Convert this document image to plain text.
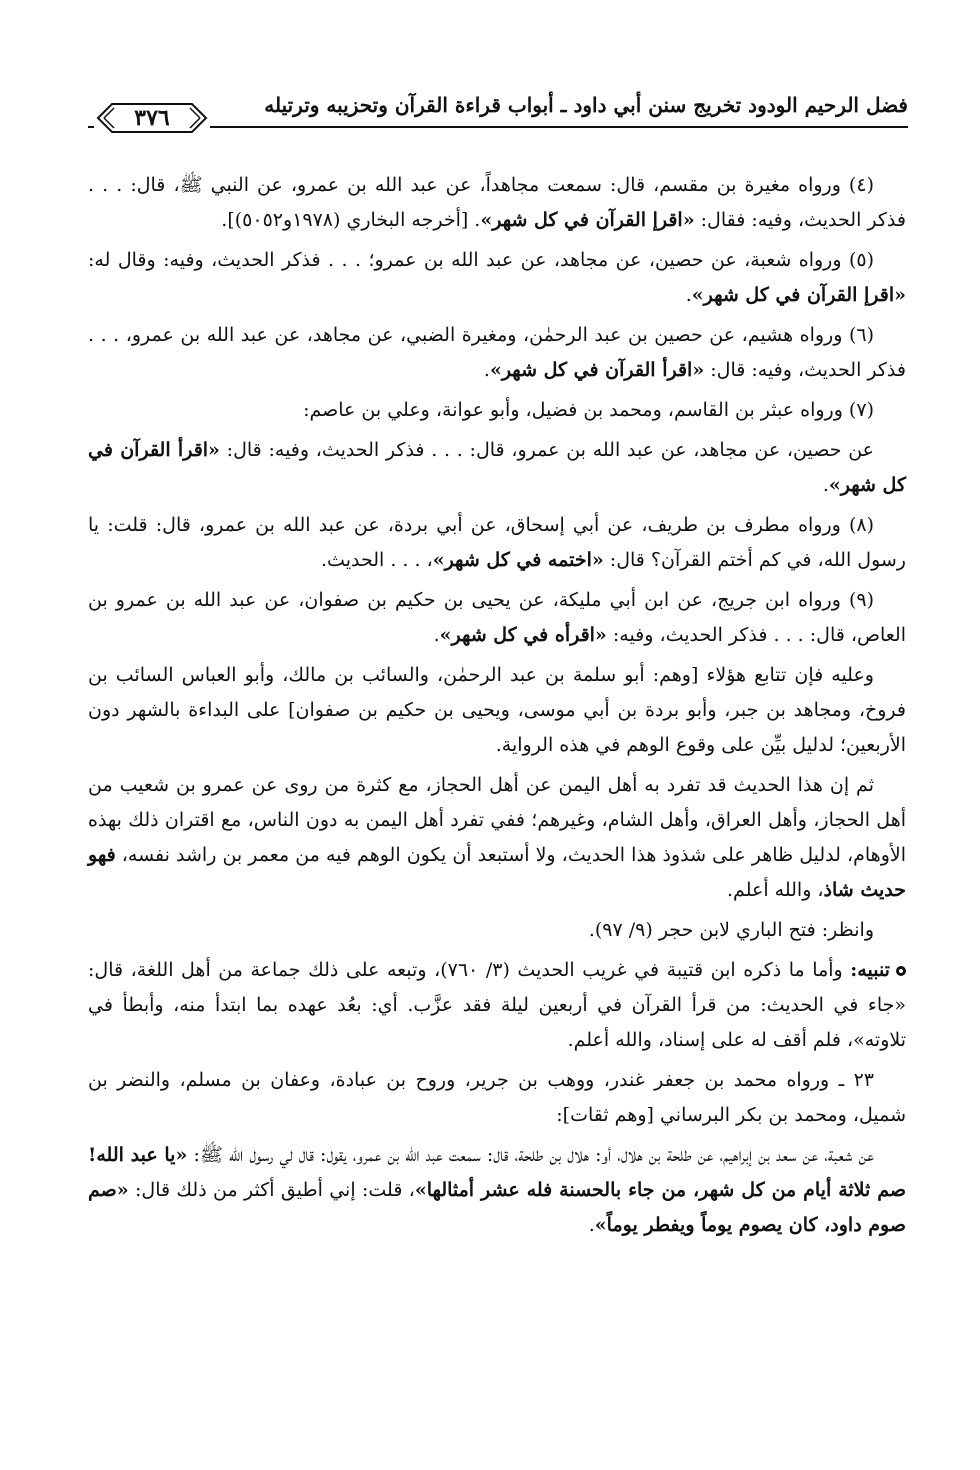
فضل الرحيم الودود تخريج سنن أبي داود ـ أبواب قراءة القرآن وتحزيبه وترتيله
٣٧٦

(٤) ورواه مغيرة بن مقسم، قال: سمعت مجاهداً، عن عبد الله بن عمرو، عن النبي ﷺ، قال: . . . فذكر الحديث، وفيه: فقال: «اقرإ القرآن في كل شهر». [أخرجه البخاري (١٩٧٨و٥٠٥٢)].

(٥) ورواه شعبة، عن حصين، عن مجاهد، عن عبد الله بن عمرو؛ . . . فذكر الحديث، وفيه: وقال له: «اقرإ القرآن في كل شهر».

(٦) ورواه هشيم، عن حصين بن عبد الرحمٰن، ومغيرة الضبي، عن مجاهد، عن عبد الله بن عمرو، . . . فذكر الحديث، وفيه: قال: «اقرأ القرآن في كل شهر».

(٧) ورواه عبثر بن القاسم، ومحمد بن فضيل، وأبو عوانة، وعلي بن عاصم:

عن حصين، عن مجاهد، عن عبد الله بن عمرو، قال: . . . فذكر الحديث، وفيه: قال: «اقرأ القرآن في كل شهر».

(٨) ورواه مطرف بن طريف، عن أبي إسحاق، عن أبي بردة، عن عبد الله بن عمرو، قال: قلت: يا رسول الله، في كم أختم القرآن؟ قال: «اختمه في كل شهر»، . . . الحديث.

(٩) ورواه ابن جريج، عن ابن أبي مليكة، عن يحيى بن حكيم بن صفوان، عن عبد الله بن عمرو بن العاص، قال: . . . فذكر الحديث، وفيه: «اقرأه في كل شهر».

وعليه فإن تتابع هؤلاء [وهم: أبو سلمة بن عبد الرحمٰن، والسائب بن مالك، وأبو العباس السائب بن فروخ، ومجاهد بن جبر، وأبو بردة بن أبي موسى، ويحيى بن حكيم بن صفوان] على البداءة بالشهر دون الأربعين؛ لدليل بيِّن على وقوع الوهم في هذه الرواية.

ثم إن هذا الحديث قد تفرد به أهل اليمن عن أهل الحجاز، مع كثرة من روى عن عمرو بن شعيب من أهل الحجاز، وأهل العراق، وأهل الشام، وغيرهم؛ ففي تفرد أهل اليمن به دون الناس، مع اقتران ذلك بهذه الأوهام، لدليل ظاهر على شذوذ هذا الحديث، ولا أستبعد أن يكون الوهم فيه من معمر بن راشد نفسه، فهو حديث شاذ، والله أعلم.

وانظر: فتح الباري لابن حجر (٩/ ٩٧).

تنبيه: وأما ما ذكره ابن قتيبة في غريب الحديث (٣/ ٧٦٠)، وتبعه على ذلك جماعة من أهل اللغة، قال: «جاء في الحديث: من قرأ القرآن في أربعين ليلة فقد عزَّب. أي: بعُد عهده بما ابتدأ منه، وأبطأ في تلاوته»، فلم أقف له على إسناد، والله أعلم.

٢٣ ـ ورواه محمد بن جعفر غندر، ووهب بن جرير، وروح بن عبادة، وعفان بن مسلم، والنضر بن شميل، ومحمد بن بكر البرساني [وهم ثقات]:

عن شعبة، عن سعد بن إبراهيم، عن طلحة بن هلال، أو: هلال بن طلحة، قال: سمعت عبد الله بن عمرو، يقول: قال لي رسول الله ﷺ: «يا عبد الله! صم ثلاثة أيام من كل شهر، من جاء بالحسنة فله عشر أمثالها»، قلت: إني أطيق أكثر من ذلك قال: «صم صوم داود، كان يصوم يوماً ويفطر يوماً».
